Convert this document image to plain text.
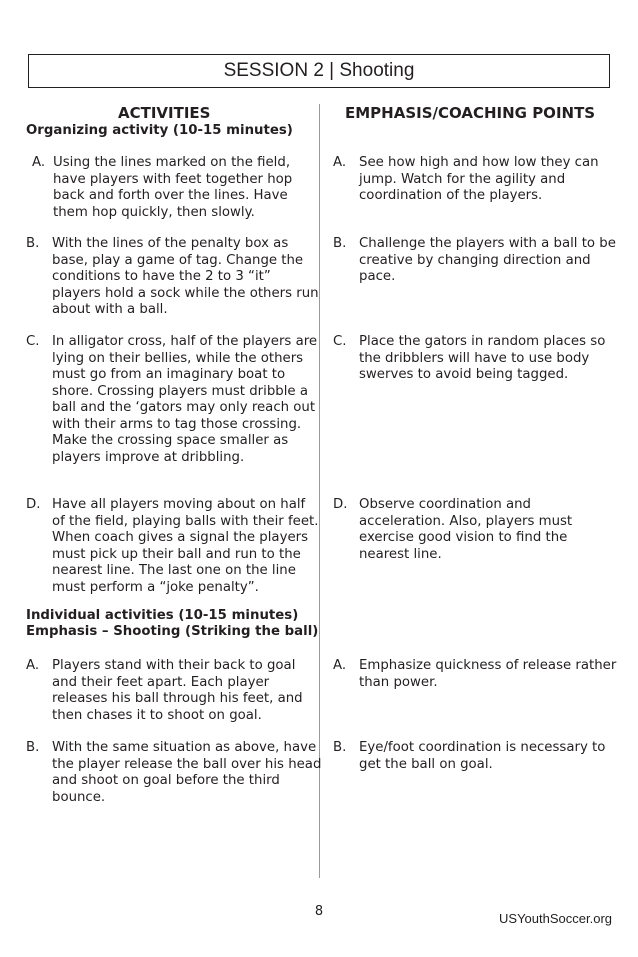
SESSION 2 | Shooting
ACTIVITIES	EMPHASIS/COACHING POINTS
Organizing activity (10-15 minutes)
A. Using the lines marked on the field, have players with feet together hop back and forth over the lines. Have them hop quickly, then slowly.
B. With the lines of the penalty box as base, play a game of tag. Change the conditions to have the 2 to 3 “it” players hold a sock while the others run about with a ball.
C. In alligator cross, half of the players are lying on their bellies, while the others must go from an imaginary boat to shore. Crossing players must dribble a ball and the ‘gators may only reach out with their arms to tag those crossing. Make the crossing space smaller as players improve at dribbling.
D. Have all players moving about on half of the field, playing balls with their feet. When coach gives a signal the players must pick up their ball and run to the nearest line. The last one on the line must perform a “joke penalty”.
A. See how high and how low they can jump. Watch for the agility and coordination of the players.
B. Challenge the players with a ball to be creative by changing direction and pace.
C. Place the gators in random places so the dribblers will have to use body swerves to avoid being tagged.
D. Observe coordination and acceleration. Also, players must exercise good vision to find the nearest line.
Individual activities (10-15 minutes)
Emphasis – Shooting (Striking the ball)
A. Players stand with their back to goal and their feet apart. Each player releases his ball through his feet, and then chases it to shoot on goal.
B. With the same situation as above, have the player release the ball over his head and shoot on goal before the third bounce.
A. Emphasize quickness of release rather than power.
B. Eye/foot coordination is necessary to get the ball on goal.
8	USYouthSoccer.org
